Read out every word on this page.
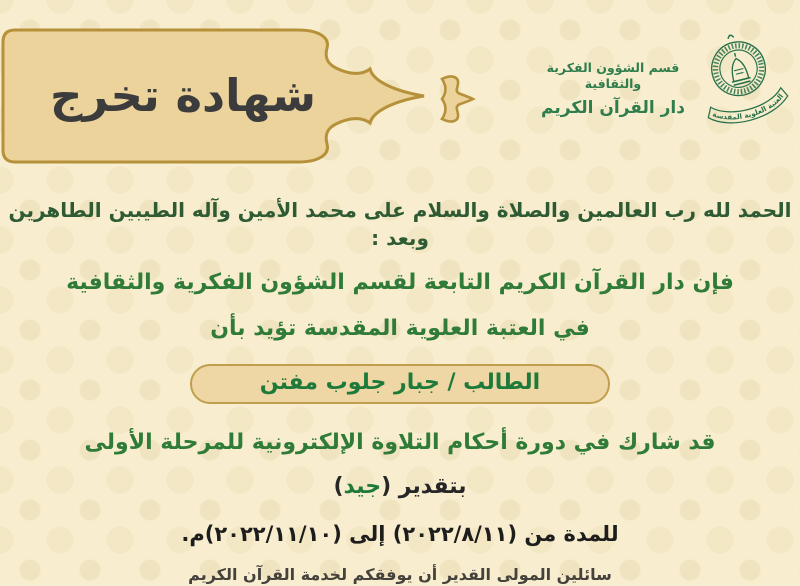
شهادة تخرج
قسم الشؤون الفكرية والثقافية
دار القرآن الكريم	العتبة العلوية المقدسة

الحمد لله رب العالمين والصلاة والسلام على محمد الأمين وآله الطيبين الطاهرين وبعد :

فإن دار القرآن الكريم التابعة لقسم الشؤون الفكرية والثقافية

في العتبة العلوية المقدسة تؤيد بأن

الطالب / جبار جلوب مفتن

قد شارك في دورة أحكام التلاوة الإلكترونية للمرحلة الأولى

بتقدير (جيد)

للمدة من (٢٠٢٢/٨/١١) إلى (٢٠٢٢/١١/١٠)م.

سائلين المولى القدير أن يوفقكم لخدمة القرآن الكريم
